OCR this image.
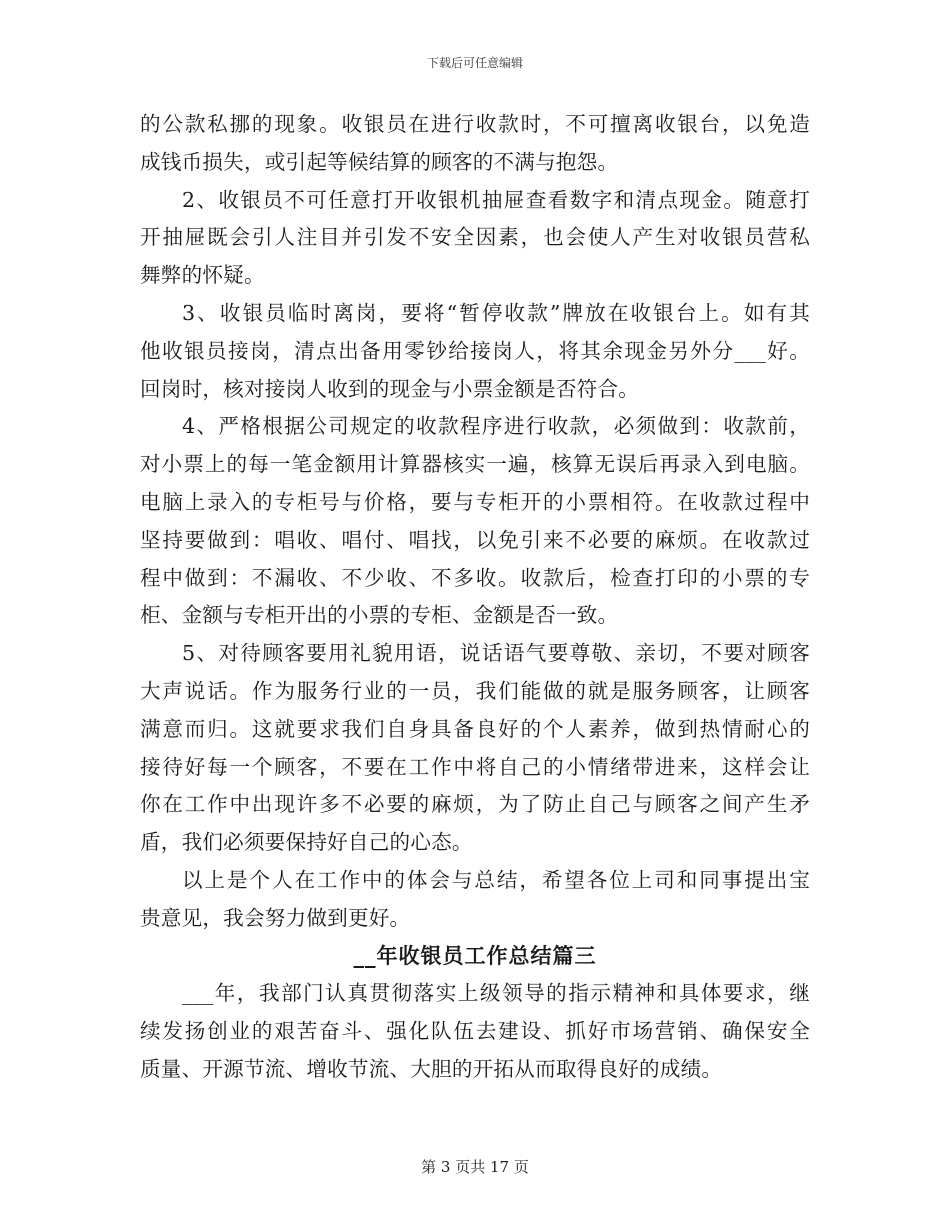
下载后可任意编辑

的公款私挪的现象。收银员在进行收款时，不可擅离收银台，以免造
成钱币损失，或引起等候结算的顾客的不满与抱怨。

2、收银员不可任意打开收银机抽屉查看数字和清点现金。随意打
开抽屉既会引人注目并引发不安全因素，也会使人产生对收银员营私
舞弊的怀疑。

3、收银员临时离岗，要将“暂停收款”牌放在收银台上。如有其
他收银员接岗，清点出备用零钞给接岗人，将其余现金另外分___好。
回岗时，核对接岗人收到的现金与小票金额是否符合。

4、严格根据公司规定的收款程序进行收款，必须做到：收款前，
对小票上的每一笔金额用计算器核实一遍，核算无误后再录入到电脑。
电脑上录入的专柜号与价格，要与专柜开的小票相符。在收款过程中
坚持要做到：唱收、唱付、唱找，以免引来不必要的麻烦。在收款过
程中做到：不漏收、不少收、不多收。收款后，检查打印的小票的专
柜、金额与专柜开出的小票的专柜、金额是否一致。

5、对待顾客要用礼貌用语，说话语气要尊敬、亲切，不要对顾客
大声说话。作为服务行业的一员，我们能做的就是服务顾客，让顾客
满意而归。这就要求我们自身具备良好的个人素养，做到热情耐心的
接待好每一个顾客，不要在工作中将自己的小情绪带进来，这样会让
你在工作中出现许多不必要的麻烦，为了防止自己与顾客之间产生矛
盾，我们必须要保持好自己的心态。

以上是个人在工作中的体会与总结，希望各位上司和同事提出宝
贵意见，我会努力做到更好。

__年收银员工作总结篇三

___年，我部门认真贯彻落实上级领导的指示精神和具体要求，继
续发扬创业的艰苦奋斗、强化队伍去建设、抓好市场营销、确保安全
质量、开源节流、增收节流、大胆的开拓从而取得良好的成绩。

第 3 页共 17 页
